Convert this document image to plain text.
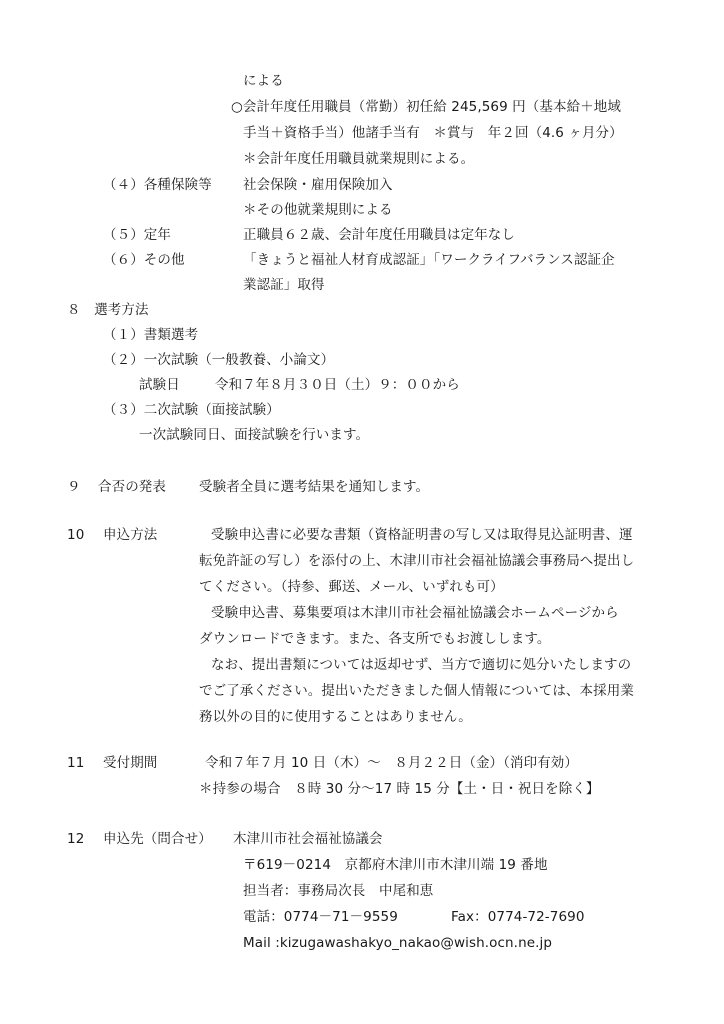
による
○会計年度任用職員（常勤）初任給 245,569 円（基本給＋地域
手当＋資格手当）他諸手当有　＊賞与　年２回（4.6 ヶ月分）
＊会計年度任用職員就業規則による。
（４）各種保険等 社会保険・雇用保険加入
＊その他就業規則による
（５）定年	正職員６２歳、会計年度任用職員は定年なし
（６）その他	「きょうと福祉人材育成認証」「ワークライフバランス認証企
業認証」取得
８　選考方法
（１）書類選考
（２）一次試験（一般教養、小論文）
試験日	令和７年８月３０日（土）９：００から
（３）二次試験（面接試験）
一次試験同日、面接試験を行います。
９ 合否の発表 受験者全員に選考結果を通知します。
10 申込方法	受験申込書に必要な書類（資格証明書の写し又は取得見込証明書、運
転免許証の写し）を添付の上、木津川市社会福祉協議会事務局へ提出し
てください。（持参、郵送、メール、いずれも可）
受験申込書、募集要項は木津川市社会福祉協議会ホームページから
ダウンロードできます。また、各支所でもお渡しします。
なお、提出書類については返却せず、当方で適切に処分いたしますの
でご了承ください。提出いただきました個人情報については、本採用業
務以外の目的に使用することはありません。
11 受付期間	令和７年７月 10 日（木）～　８月２２日（金）（消印有効）
＊持参の場合　８時 30 分～17 時 15 分【土・日・祝日を除く】
12 申込先（問合せ） 木津川市社会福祉協議会
〒619－0214　京都府木津川市木津川端 19 番地
担当者：事務局次長　中尾和恵
電話：0774－71－9559	Fax：0774-72-7690
Mail :kizugawashakyo_nakao@wish.ocn.ne.jp
